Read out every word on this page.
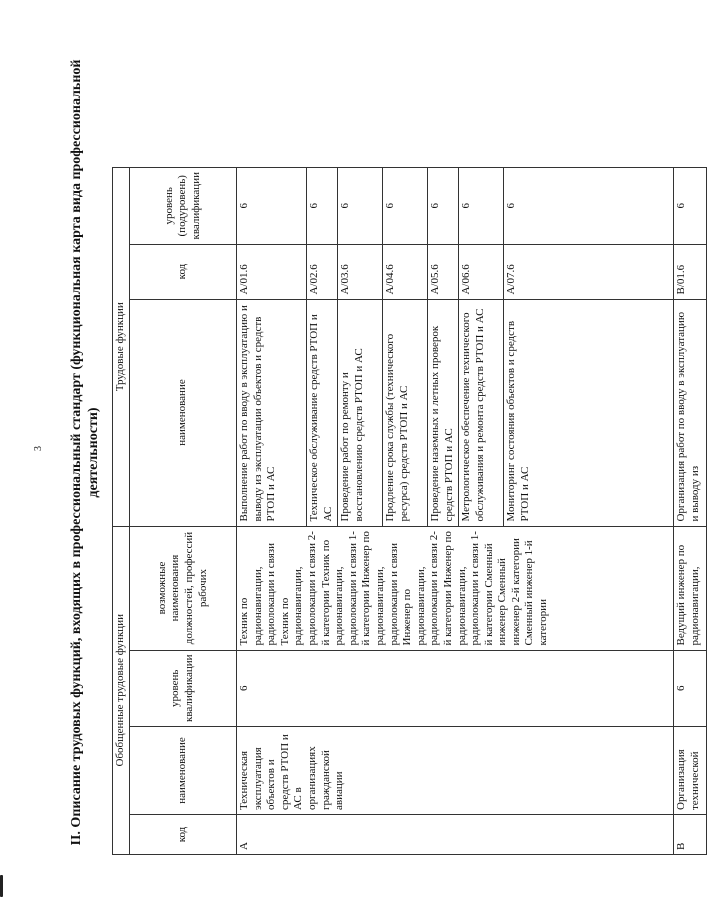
3 II. Описание трудовых функций, входящих в профессиональный стандарт (функциональная карта вида профессиональной деятельности)
Обобщенные трудовые функции				Трудовые функции		
код	наименование	уровень квалификации	возможные наименования должностей, профессий рабочих	наименование	код	уровень (подуровень) квалификации
A	Техническая эксплуатация объектов и средств РТОП и АС в организациях гражданской авиации	6	Техник по радионавигации, радиолокации и связи Техник по радионавигации, радиолокации и связи 2-й категории Техник по радионавигации, радиолокации и связи 1-й категории Инженер по радионавигации, радиолокации и связи Инженер по радионавигации, радиолокации и связи 2-й категории Инженер по радионавигации, радиолокации и связи 1-й категории Сменный инженер Сменный инженер 2-й категории Сменный инженер 1-й категории	Выполнение работ по вводу в эксплуатацию и выводу из эксплуатации объектов и средств РТОП и АС	A/01.6	6
				Техническое обслуживание средств РТОП и АС	A/02.6	6
				Проведение работ по ремонту и восстановлению средств РТОП и АС	A/03.6	6
				Продление срока службы (технического ресурса) средств РТОП и АС	A/04.6	6
				Проведение наземных и летных проверок средств РТОП и АС	A/05.6	6
				Метрологическое обеспечение технического обслуживания и ремонта средств РТОП и АС	A/06.6	6
				Мониторинг состояния объектов и средств РТОП и АС	A/07.6	6
B	Организация технической	6	Ведущий инженер по радионавигации,	Организация работ по вводу в эксплуатацию и выводу из	B/01.6	6
